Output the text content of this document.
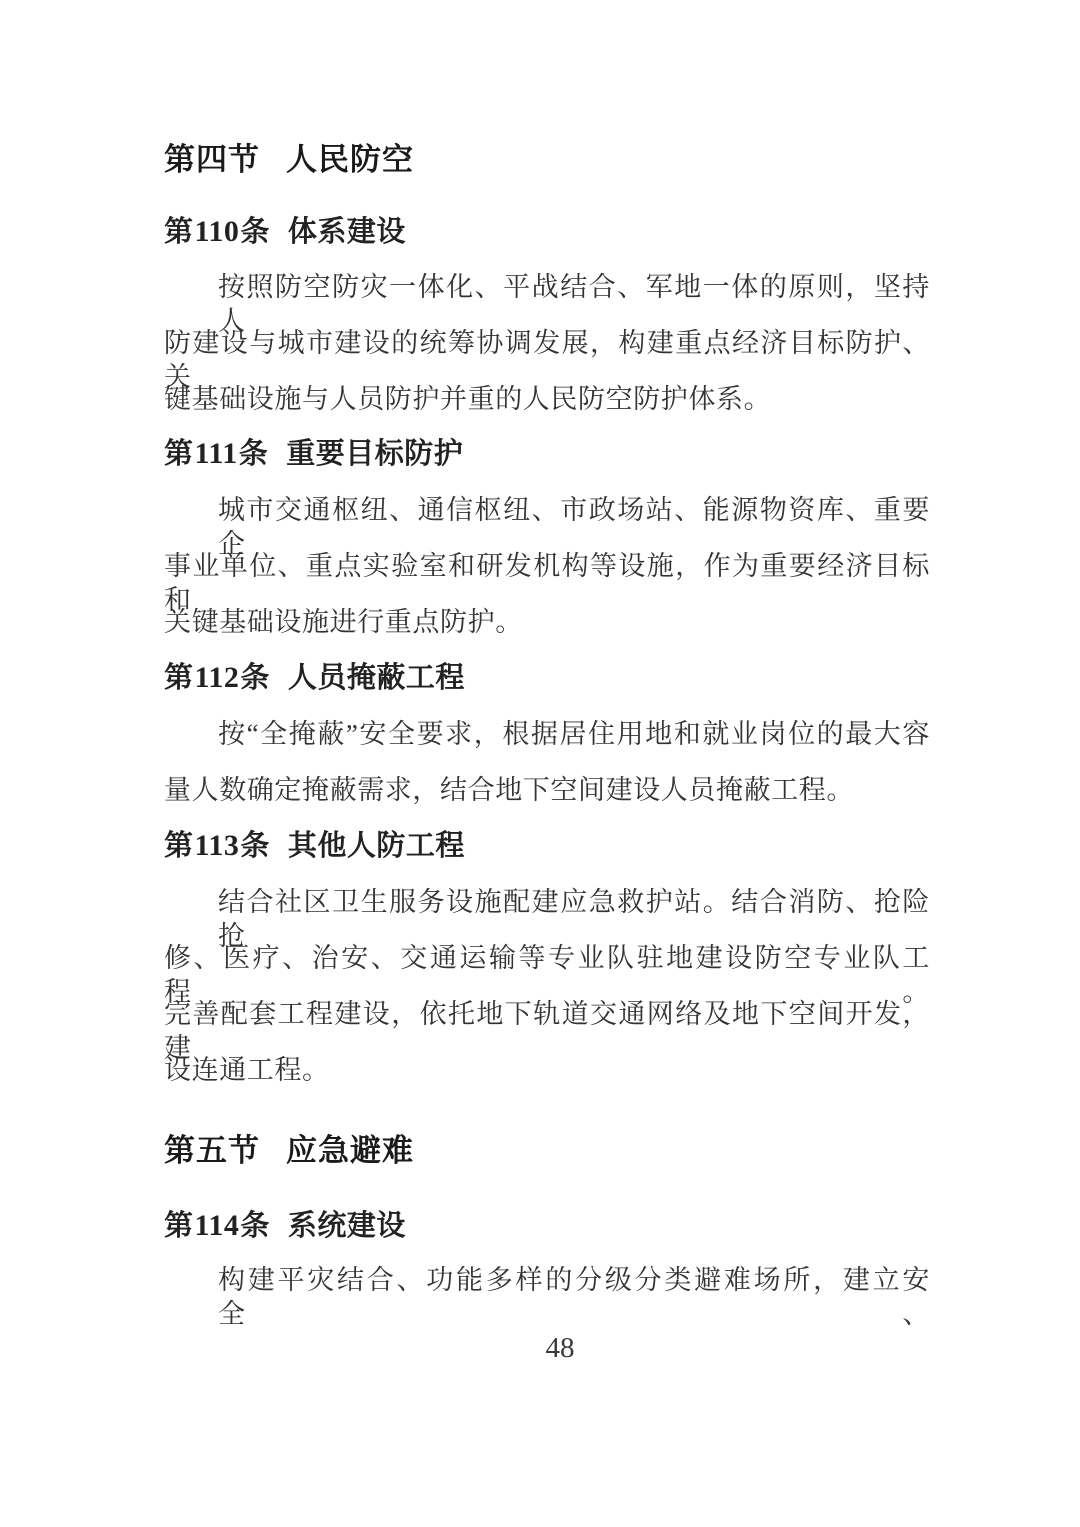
第四节 人民防空
第110条 体系建设
按照防空防灾一体化、平战结合、军地一体的原则，坚持人
防建设与城市建设的统筹协调发展，构建重点经济目标防护、关
键基础设施与人员防护并重的人民防空防护体系。
第111条 重要目标防护
城市交通枢纽、通信枢纽、市政场站、能源物资库、重要企
事业单位、重点实验室和研发机构等设施，作为重要经济目标和
关键基础设施进行重点防护。
第112条 人员掩蔽工程
按“全掩蔽”安全要求，根据居住用地和就业岗位的最大容
量人数确定掩蔽需求，结合地下空间建设人员掩蔽工程。
第113条 其他人防工程
结合社区卫生服务设施配建应急救护站。结合消防、抢险抢
修、医疗、治安、交通运输等专业队驻地建设防空专业队工程。
完善配套工程建设，依托地下轨道交通网络及地下空间开发，建
设连通工程。
第五节 应急避难
第114条 系统建设
构建平灾结合、功能多样的分级分类避难场所，建立安全、
48
